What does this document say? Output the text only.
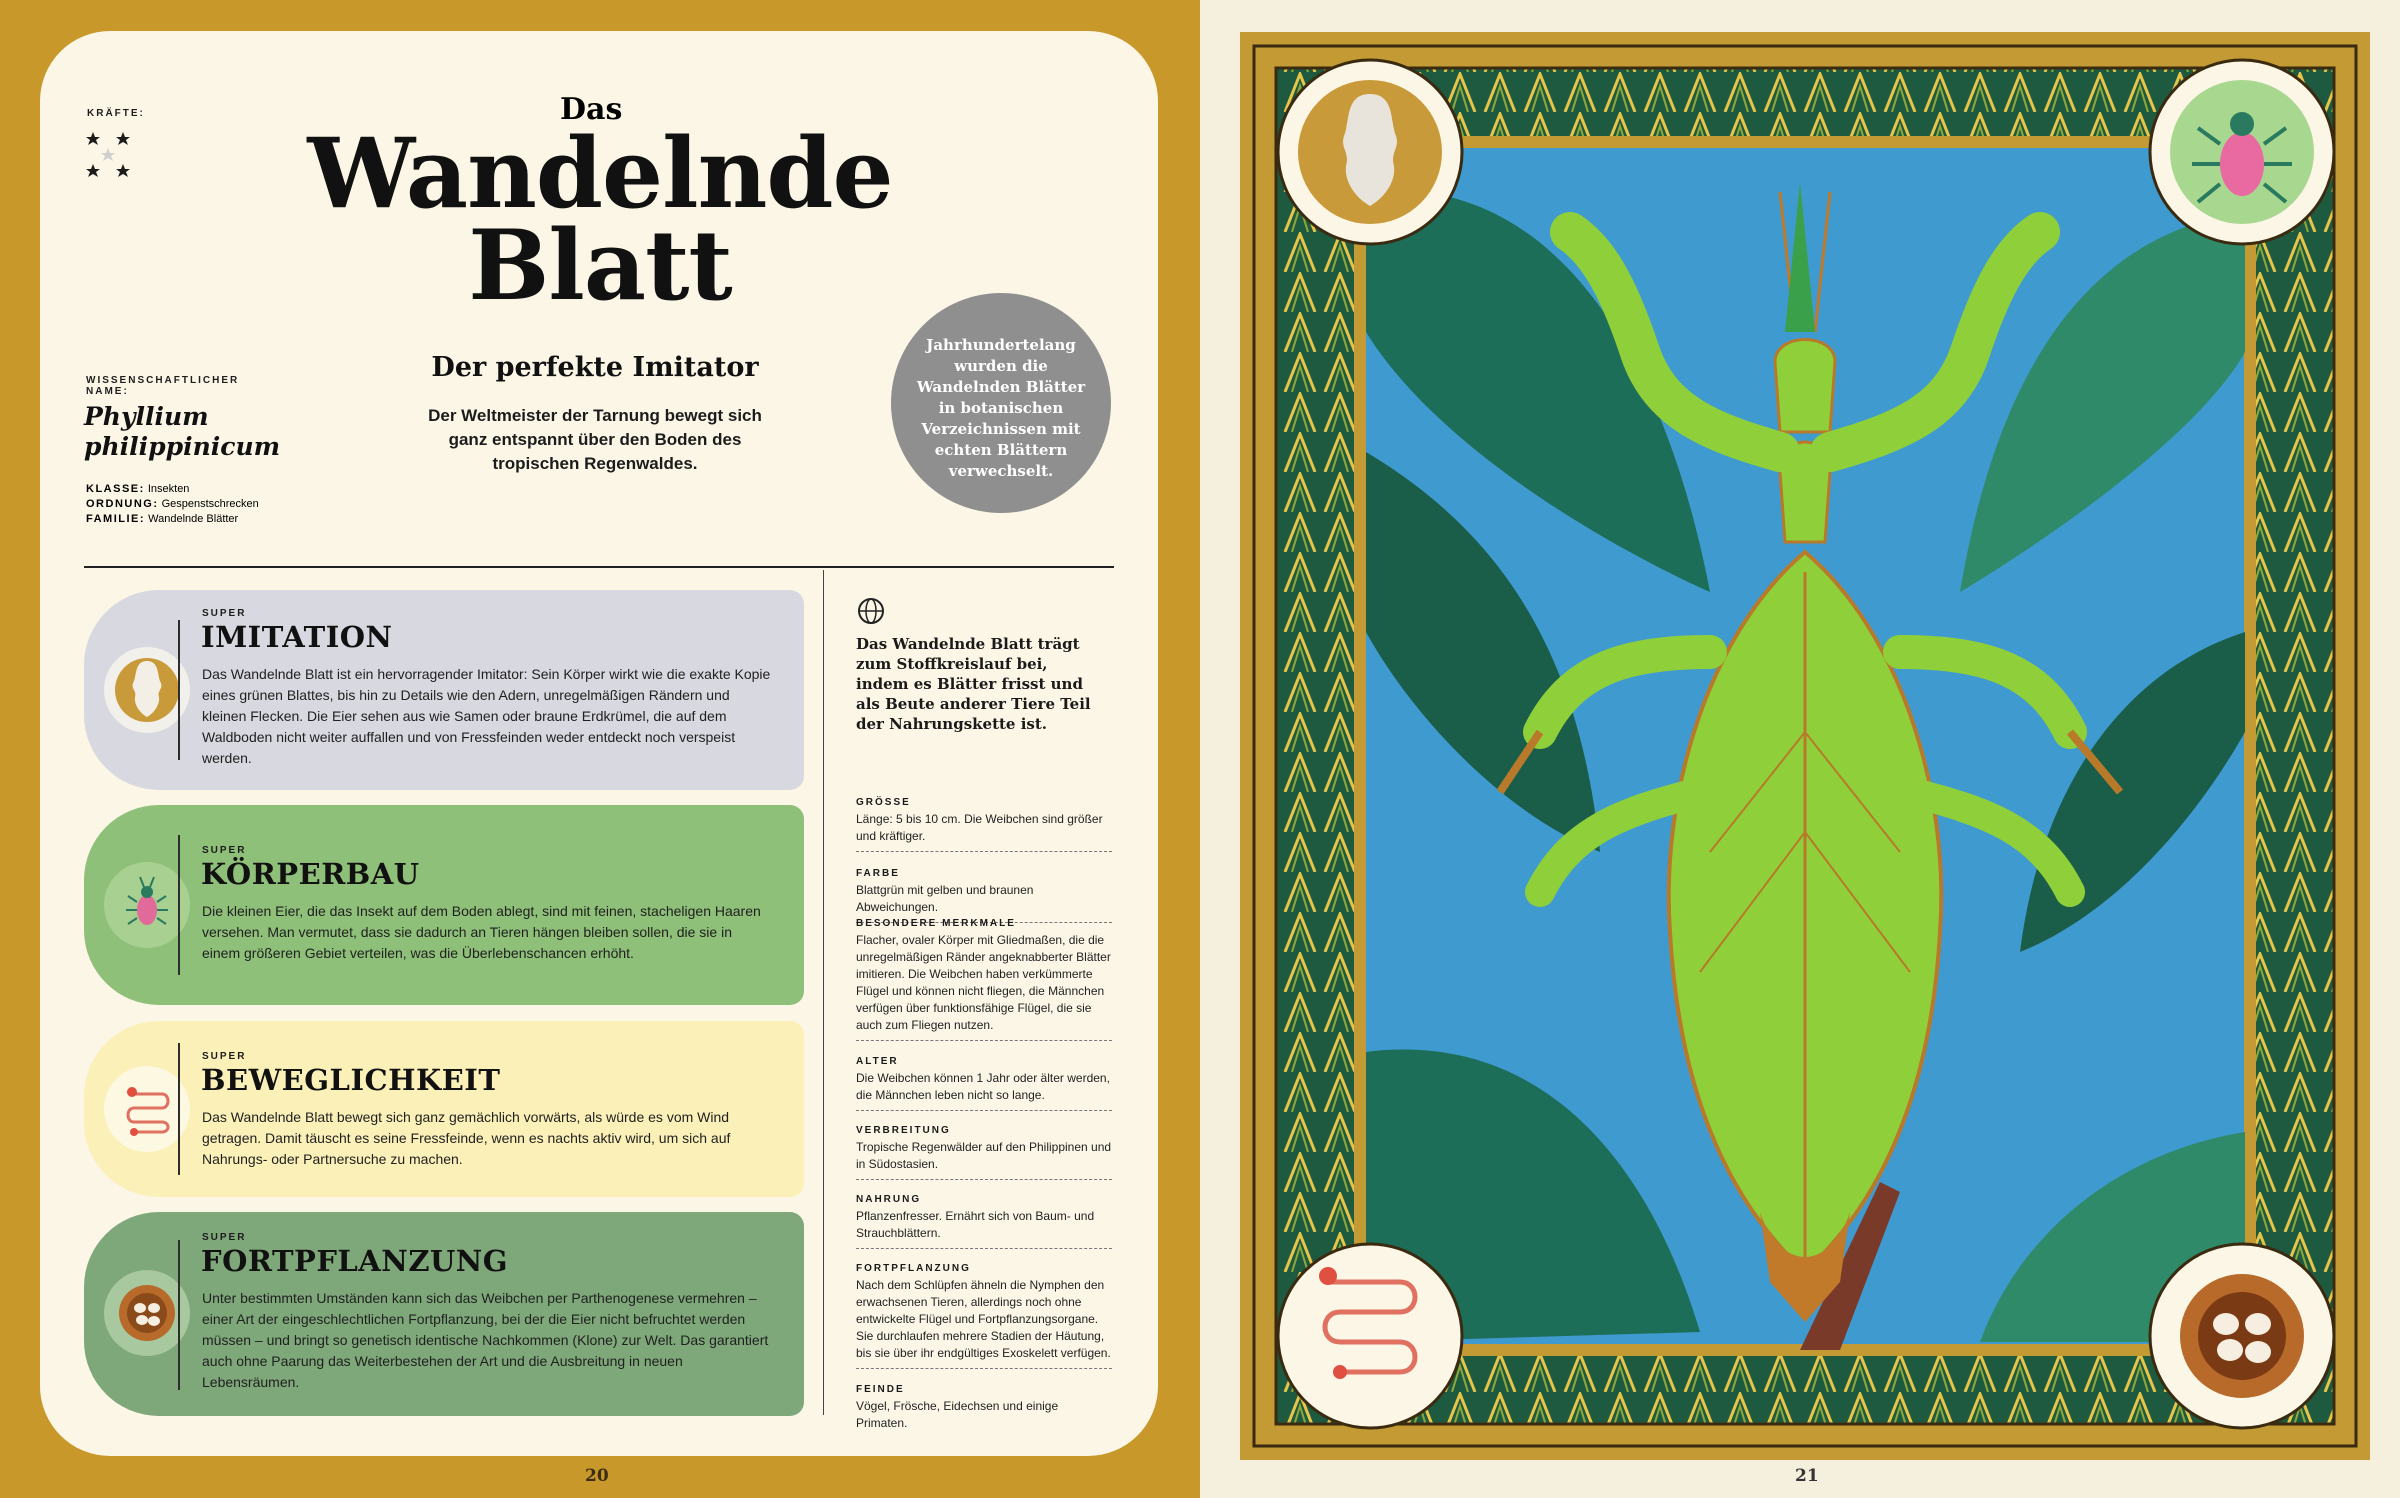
KRÄFTE:	Das
Wandelnde
Blatt
WISSENSCHAFTLICHER
NAME:
Phyllium
philippinicum
KLASSE: Insekten
ORDNUNG: Gespenstschrecken
FAMILIE: Wandelnde Blätter
Der perfekte Imitator
Der Weltmeister der Tarnung bewegt sich ganz entspannt über den Boden des tropischen Regenwaldes.
Jahrhundertelang wurden die Wandelnden Blätter in botanischen Verzeichnissen mit echten Blättern verwechselt.
SUPER
IMITATION
Das Wandelnde Blatt ist ein hervorragender Imitator: Sein Körper wirkt wie die exakte Kopie eines grünen Blattes, bis hin zu Details wie den Adern, unregelmäßigen Rändern und kleinen Flecken. Die Eier sehen aus wie Samen oder braune Erdkrümel, die auf dem Waldboden nicht weiter auffallen und von Fressfeinden weder entdeckt noch verspeist werden.
SUPER
KÖRPERBAU
Die kleinen Eier, die das Insekt auf dem Boden ablegt, sind mit feinen, stacheligen Haaren versehen. Man vermutet, dass sie dadurch an Tieren hängen bleiben sollen, die sie in einem größeren Gebiet verteilen, was die Überlebenschancen erhöht.
SUPER
BEWEGLICHKEIT
Das Wandelnde Blatt bewegt sich ganz gemächlich vorwärts, als würde es vom Wind getragen. Damit täuscht es seine Fressfeinde, wenn es nachts aktiv wird, um sich auf Nahrungs- oder Partnersuche zu machen.
SUPER
FORTPFLANZUNG
Unter bestimmten Umständen kann sich das Weibchen per Parthenogenese vermehren – einer Art der eingeschlechtlichen Fortpflanzung, bei der die Eier nicht befruchtet werden müssen – und bringt so genetisch identische Nachkommen (Klone) zur Welt. Das garantiert auch ohne Paarung das Weiterbestehen der Art und die Ausbreitung in neuen Lebensräumen.
Das Wandelnde Blatt trägt zum Stoffkreislauf bei, indem es Blätter frisst und als Beute anderer Tiere Teil der Nahrungskette ist.
GRÖSSE
Länge: 5 bis 10 cm. Die Weibchen sind größer und kräftiger.
FARBE
Blattgrün mit gelben und braunen Abweichungen.
BESONDERE MERKMALE
Flacher, ovaler Körper mit Gliedmaßen, die die unregelmäßigen Ränder angeknabberter Blätter imitieren. Die Weibchen haben verkümmerte Flügel und können nicht fliegen, die Männchen verfügen über funktionsfähige Flügel, die sie auch zum Fliegen nutzen.
ALTER
Die Weibchen können 1 Jahr oder älter werden, die Männchen leben nicht so lange.
VERBREITUNG
Tropische Regenwälder auf den Philippinen und in Südostasien.
NAHRUNG
Pflanzenfresser. Ernährt sich von Baum- und Strauchblättern.
FORTPFLANZUNG
Nach dem Schlüpfen ähneln die Nymphen den erwachsenen Tieren, allerdings noch ohne entwickelte Flügel und Fortpflanzungsorgane. Sie durchlaufen mehrere Stadien der Häutung, bis sie über ihr endgültiges Exoskelett verfügen.
FEINDE
Vögel, Frösche, Eidechsen und einige Primaten.
20	21
